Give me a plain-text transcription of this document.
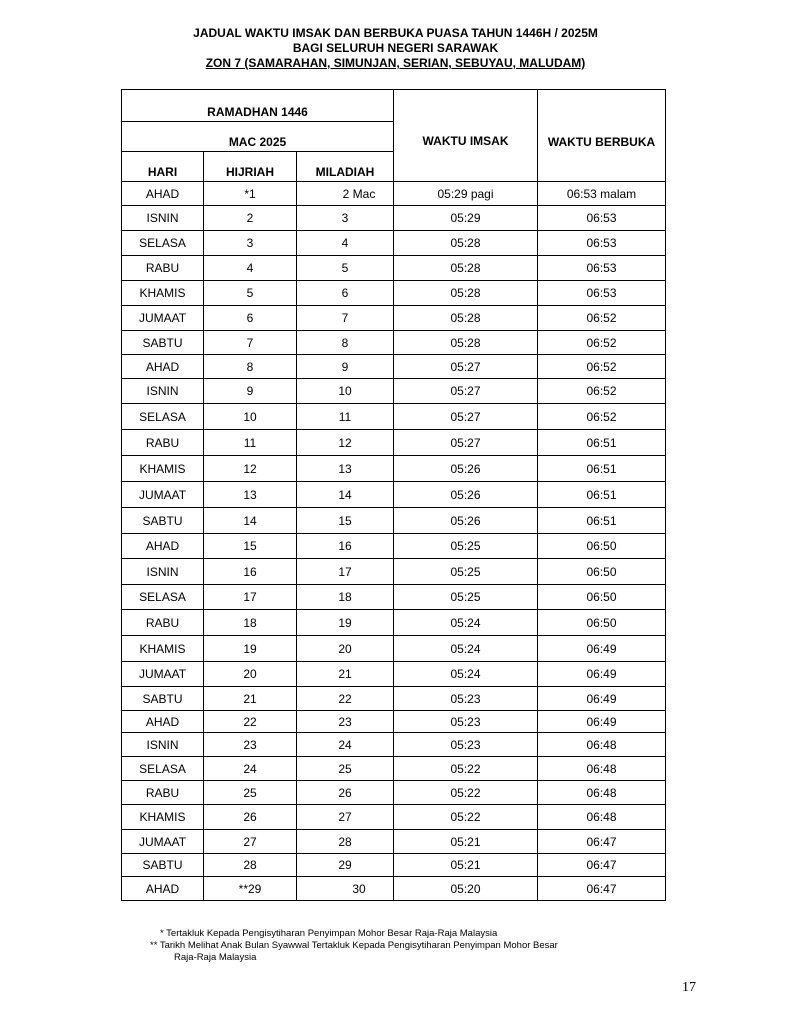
JADUAL WAKTU IMSAK DAN BERBUKA PUASA TAHUN 1446H / 2025M
BAGI SELURUH NEGERI SARAWAK
ZON 7 (SAMARAHAN, SIMUNJAN, SERIAN, SEBUYAU, MALUDAM)
RAMADHAN 1446			WAKTU IMSAK	WAKTU BERBUKA
MAC 2025				
HARI	HIJRIAH	MILADIAH		
AHAD	*1	2 Mac	05:29 pagi	06:53 malam
ISNIN	2	3	05:29	06:53
SELASA	3	4	05:28	06:53
RABU	4	5	05:28	06:53
KHAMIS	5	6	05:28	06:53
JUMAAT	6	7	05:28	06:52
SABTU	7	8	05:28	06:52
AHAD	8	9	05:27	06:52
ISNIN	9	10	05:27	06:52
SELASA	10	11	05:27	06:52
RABU	11	12	05:27	06:51
KHAMIS	12	13	05:26	06:51
JUMAAT	13	14	05:26	06:51
SABTU	14	15	05:26	06:51
AHAD	15	16	05:25	06:50
ISNIN	16	17	05:25	06:50
SELASA	17	18	05:25	06:50
RABU	18	19	05:24	06:50
KHAMIS	19	20	05:24	06:49
JUMAAT	20	21	05:24	06:49
SABTU	21	22	05:23	06:49
AHAD	22	23	05:23	06:49
ISNIN	23	24	05:23	06:48
SELASA	24	25	05:22	06:48
RABU	25	26	05:22	06:48
KHAMIS	26	27	05:22	06:48
JUMAAT	27	28	05:21	06:47
SABTU	28	29	05:21	06:47
AHAD	**29	30	05:20	06:47
* Tertakluk Kepada Pengisytiharan Penyimpan Mohor Besar Raja-Raja Malaysia
** Tarikh Melihat Anak Bulan Syawwal Tertakluk Kepada Pengisytiharan Penyimpan Mohor Besar
Raja-Raja Malaysia
17
